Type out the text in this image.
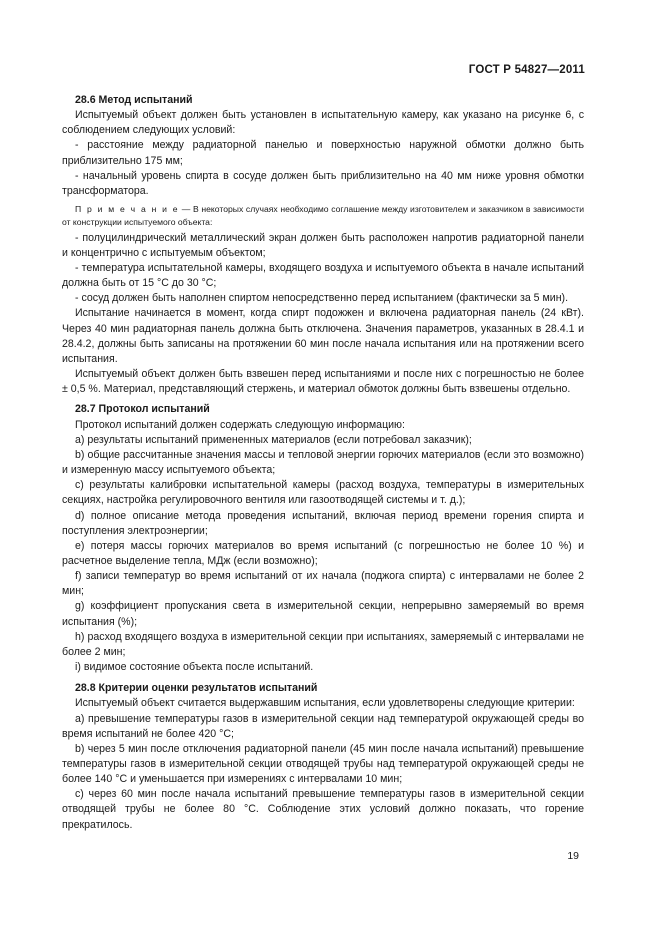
ГОСТ Р 54827—2011

28.6 Метод испытаний

Испытуемый объект должен быть установлен в испытательную камеру, как указано на рисунке 6, с соблюдением следующих условий:

- расстояние между радиаторной панелью и поверхностью наружной обмотки должно быть приблизительно 175 мм;

- начальный уровень спирта в сосуде должен быть приблизительно на 40 мм ниже уровня обмотки трансформатора.

П р и м е ч а н и е — В некоторых случаях необходимо соглашение между изготовителем и заказчиком в зависимости от конструкции испытуемого объекта:

- полуцилиндрический металлический экран должен быть расположен напротив радиаторной панели и концентрично с испытуемым объектом;

- температура испытательной камеры, входящего воздуха и испытуемого объекта в начале испытаний должна быть от 15 °C до 30 °C;

- сосуд должен быть наполнен спиртом непосредственно перед испытанием (фактически за 5 мин).

Испытание начинается в момент, когда спирт подожжен и включена радиаторная панель (24 кВт). Через 40 мин радиаторная панель должна быть отключена. Значения параметров, указанных в 28.4.1 и 28.4.2, должны быть записаны на протяжении 60 мин после начала испытания или на протяжении всего испытания.

Испытуемый объект должен быть взвешен перед испытаниями и после них с погрешностью не более ± 0,5 %. Материал, представляющий стержень, и материал обмоток должны быть взвешены отдельно.

28.7 Протокол испытаний

Протокол испытаний должен содержать следующую информацию:

a) результаты испытаний примененных материалов (если потребовал заказчик);

b) общие рассчитанные значения массы и тепловой энергии горючих материалов (если это возможно) и измеренную массу испытуемого объекта;

c) результаты калибровки испытательной камеры (расход воздуха, температуры в измерительных секциях, настройка регулировочного вентиля или газоотводящей системы и т. д.);

d) полное описание метода проведения испытаний, включая период времени горения спирта и поступления электроэнергии;

e) потеря массы горючих материалов во время испытаний (с погрешностью не более 10 %) и расчетное выделение тепла, МДж (если возможно);

f) записи температур во время испытаний от их начала (поджога спирта) с интервалами не более 2 мин;

g) коэффициент пропускания света в измерительной секции, непрерывно замеряемый во время испытания (%);

h) расход входящего воздуха в измерительной секции при испытаниях, замеряемый с интервалами не более 2 мин;

i) видимое состояние объекта после испытаний.

28.8 Критерии оценки результатов испытаний

Испытуемый объект считается выдержавшим испытания, если удовлетворены следующие критерии:

a) превышение температуры газов в измерительной секции над температурой окружающей среды во время испытаний не более 420 °C;

b) через 5 мин после отключения радиаторной панели (45 мин после начала испытаний) превышение температуры газов в измерительной секции отводящей трубы над температурой окружающей среды не более 140 °C и уменьшается при измерениях с интервалами 10 мин;

c) через 60 мин после начала испытаний превышение температуры газов в измерительной секции отводящей трубы не более 80 °C. Соблюдение этих условий должно показать, что горение прекратилось.

19
